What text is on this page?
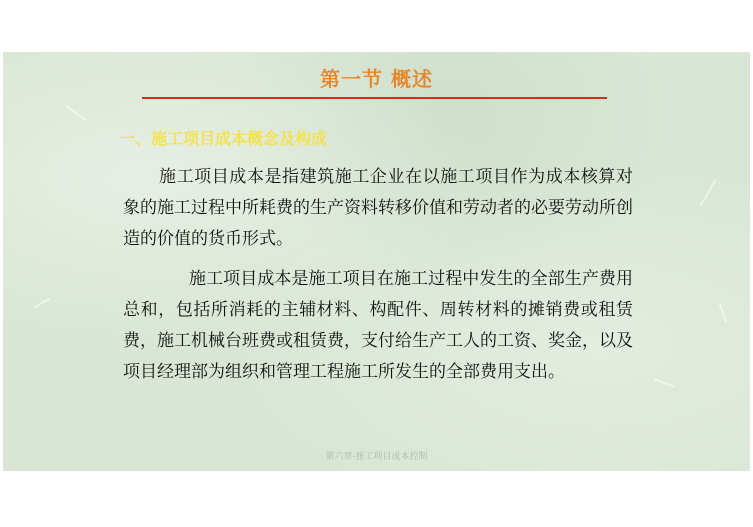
第一节 概述
一、施工项目成本概念及构成

施工项目成本是指建筑施工企业在以施工项目作为成本核算对象的施工过程中所耗费的生产资料转移价值和劳动者的必要劳动所创造的价值的货币形式。

施工项目成本是施工项目在施工过程中发生的全部生产费用总和，包括所消耗的主辅材料、构配件、周转材料的摊销费或租赁费，施工机械台班费或租赁费，支付给生产工人的工资、奖金，以及项目经理部为组织和管理工程施工所发生的全部费用支出。

第六章-施工项目成本控制
